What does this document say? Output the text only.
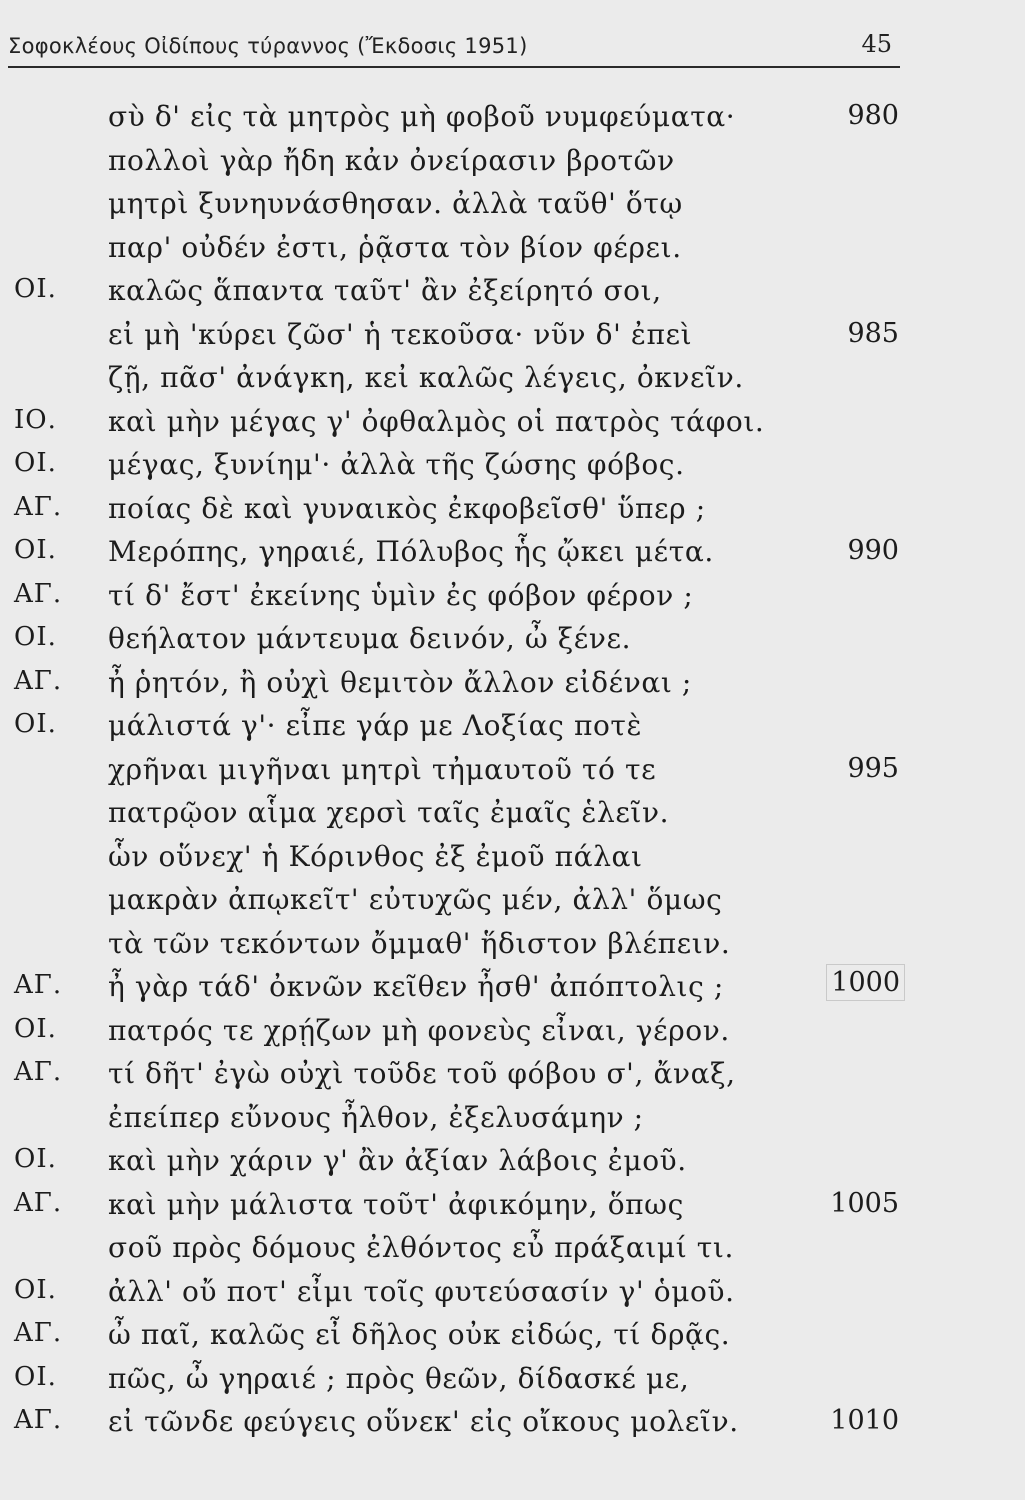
Σοφοκλέους Οἰδίπους τύραννος (Ἔκδοσις 1951)	45
σὺ δ' εἰς τὰ μητρὸς μὴ φοβοῦ νυμφεύματα·	980
πολλοὶ γὰρ ἤδη κἀν ὀνείρασιν βροτῶν
μητρὶ ξυνηυνάσθησαν. ἀλλὰ ταῦθ' ὅτῳ
παρ' οὐδέν ἐστι, ῥᾷστα τὸν βίον φέρει.
ΟΙ. καλῶς ἅπαντα ταῦτ' ἂν ἐξείρητό σοι,
εἰ μὴ 'κύρει ζῶσ' ἡ τεκοῦσα· νῦν δ' ἐπεὶ	985
ζῇ, πᾶσ' ἀνάγκη, κεἰ καλῶς λέγεις, ὀκνεῖν.
ΙΟ. καὶ μὴν μέγας γ' ὀφθαλμὸς οἱ πατρὸς τάφοι.
ΟΙ. μέγας, ξυνίημ'· ἀλλὰ τῆς ζώσης φόβος.
ΑΓ. ποίας δὲ καὶ γυναικὸς ἐκφοβεῖσθ' ὕπερ ;
ΟΙ. Μερόπης, γηραιέ, Πόλυβος ἧς ᾤκει μέτα.	990
ΑΓ. τί δ' ἔστ' ἐκείνης ὑμὶν ἐς φόβον φέρον ;
ΟΙ. θεήλατον μάντευμα δεινόν, ὦ ξένε.
ΑΓ. ἦ ῥητόν, ἢ οὐχὶ θεμιτὸν ἄλλον εἰδέναι ;
ΟΙ. μάλιστά γ'· εἶπε γάρ με Λοξίας ποτὲ
χρῆναι μιγῆναι μητρὶ τἠμαυτοῦ τό τε	995
πατρῷον αἷμα χερσὶ ταῖς ἐμαῖς ἑλεῖν.
ὧν οὕνεχ' ἡ Κόρινθος ἐξ ἐμοῦ πάλαι
μακρὰν ἀπῳκεῖτ' εὐτυχῶς μέν, ἀλλ' ὅμως
τὰ τῶν τεκόντων ὄμμαθ' ἥδιστον βλέπειν.
ΑΓ. ἦ γὰρ τάδ' ὀκνῶν κεῖθεν ἦσθ' ἀπόπτολις ;	1000
ΟΙ. πατρός τε χρῄζων μὴ φονεὺς εἶναι, γέρον.
ΑΓ. τί δῆτ' ἐγὼ οὐχὶ τοῦδε τοῦ φόβου σ', ἄναξ,
ἐπείπερ εὔνους ἦλθον, ἐξελυσάμην ;
ΟΙ. καὶ μὴν χάριν γ' ἂν ἀξίαν λάβοις ἐμοῦ.
ΑΓ. καὶ μὴν μάλιστα τοῦτ' ἀφικόμην, ὅπως	1005
σοῦ πρὸς δόμους ἐλθόντος εὖ πράξαιμί τι.
ΟΙ. ἀλλ' οὔ ποτ' εἶμι τοῖς φυτεύσασίν γ' ὁμοῦ.
ΑΓ. ὦ παῖ, καλῶς εἶ δῆλος οὐκ εἰδώς, τί δρᾷς.
ΟΙ. πῶς, ὦ γηραιέ ; πρὸς θεῶν, δίδασκέ με,
ΑΓ. εἰ τῶνδε φεύγεις οὕνεκ' εἰς οἴκους μολεῖν.	1010
